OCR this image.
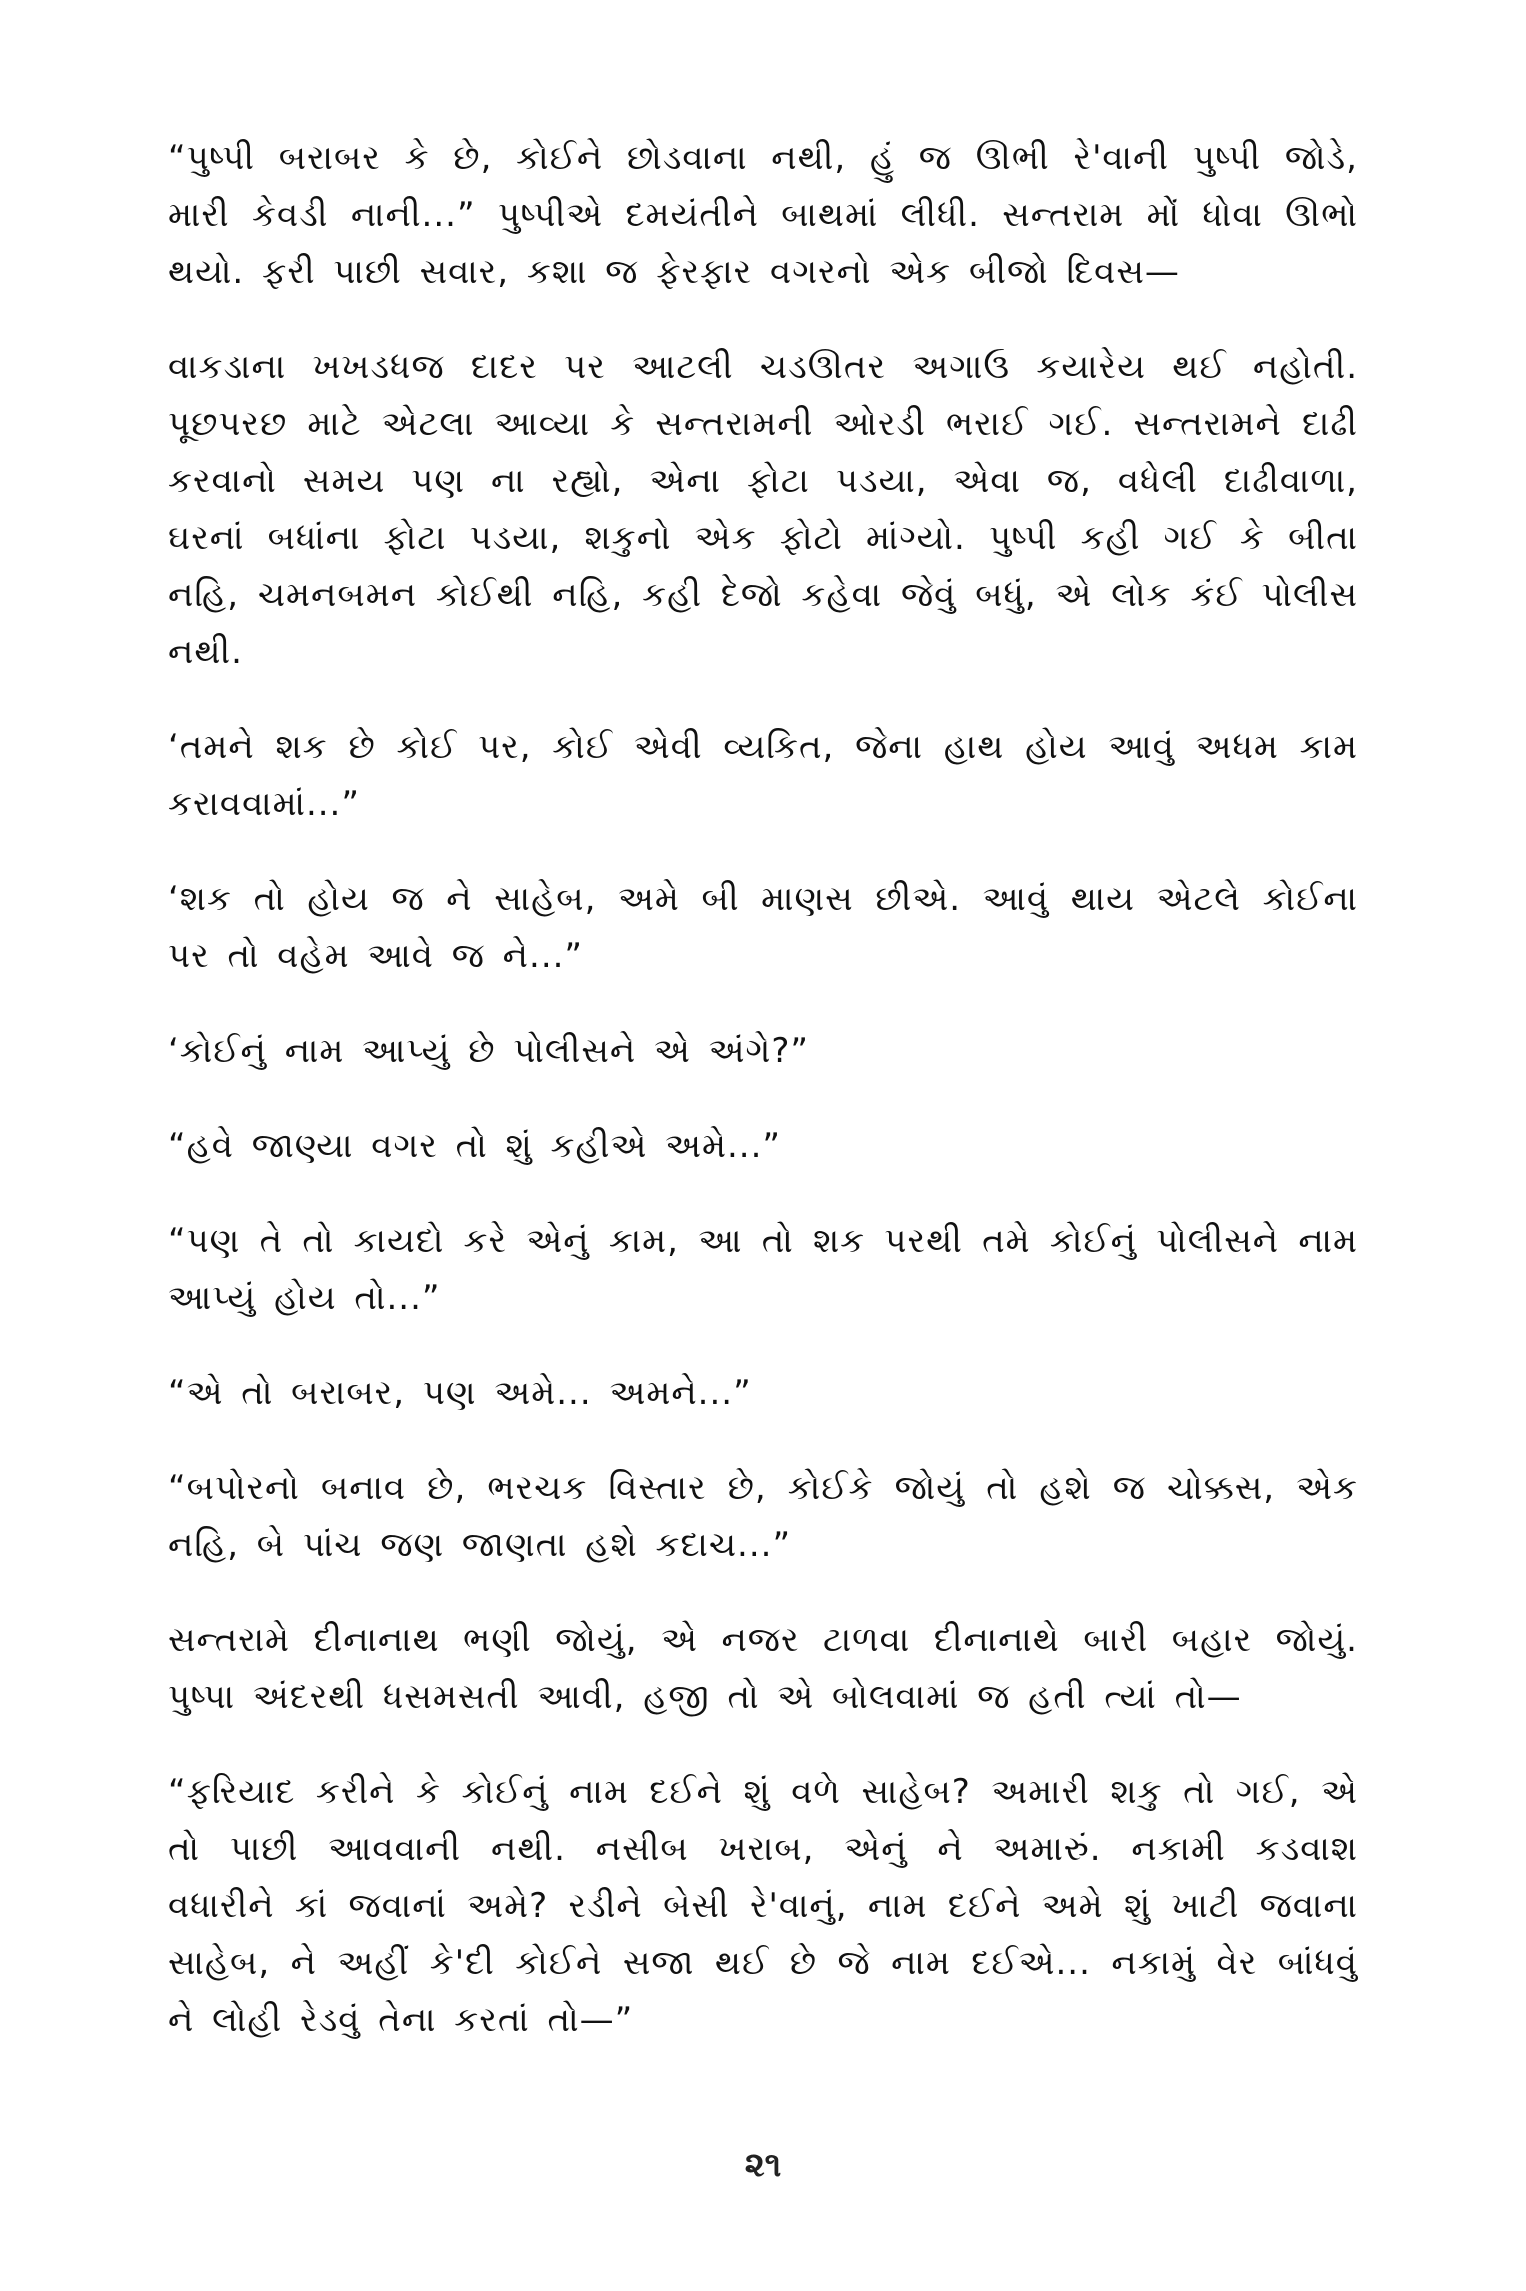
“પુષ્પી બરાબર કે છે, કોઈને છોડવાના નથી, હું જ ઊભી રે'વાની પુષ્પી જોડે, મારી કેવડી નાની...” પુષ્પીએ દમયંતીને બાથમાં લીધી. સન્તરામ મોં ધોવા ઊભો થયો. ફરી પાછી સવાર, કશા જ ફેરફાર વગરનો એક બીજો દિવસ—

વાકડાના ખખડધજ દાદર પર આટલી ચડઊતર અગાઉ કયારેય થઈ નહોતી. પૂછપરછ માટે એટલા આવ્યા કે સન્તરામની ઓરડી ભરાઈ ગઈ. સન્તરામને દાઢી કરવાનો સમય પણ ના રહ્યો, એના ફોટા પડયા, એવા જ, વધેલી દાઢીવાળા, ઘરનાં બધાંના ફોટા પડયા, શકુનો એક ફોટો માંગ્યો. પુષ્પી કહી ગઈ કે બીતા નહિ, ચમનબમન કોઈથી નહિ, કહી દેજો કહેવા જેવું બધું, એ લોક કંઈ પોલીસ નથી.

‘તમને શક છે કોઈ પર, કોઈ એવી વ્યકિત, જેના હાથ હોય આવું અધમ કામ કરાવવામાં...”

‘શક તો હોય જ ને સાહેબ, અમે બી માણસ છીએ. આવું થાય એટલે કોઈના પર તો વહેમ આવે જ ને...”

‘કોઈનું નામ આપ્યું છે પોલીસને એ અંગે?”

“હવે જાણ્યા વગર તો શું કહીએ અમે...”

“પણ તે તો કાયદો કરે એનું કામ, આ તો શક પરથી તમે કોઈનું પોલીસને નામ આપ્યું હોય તો...”

“એ તો બરાબર, પણ અમે... અમને...”

“બપોરનો બનાવ છે, ભરચક વિસ્તાર છે, કોઈકે જોયું તો હશે જ ચોક્કસ, એક નહિ, બે પાંચ જણ જાણતા હશે કદાચ...”

સન્તરામે દીનાનાથ ભણી જોયું, એ નજર ટાળવા દીનાનાથે બારી બહાર જોયું. પુષ્પા અંદરથી ધસમસતી આવી, હજી તો એ બોલવામાં જ હતી ત્યાં તો—

“ફરિયાદ કરીને કે કોઈનું નામ દઈને શું વળે સાહેબ? અમારી શકુ તો ગઈ, એ તો પાછી આવવાની નથી. નસીબ ખરાબ, એનું ને અમારું. નકામી કડવાશ વધારીને કાં જવાનાં અમે? રડીને બેસી રે'વાનું, નામ દઈને અમે શું ખાટી જવાના સાહેબ, ને અહીં કે'દી કોઈને સજા થઈ છે જે નામ દઈએ... નકામું વેર બાંધવું ને લોહી રેડવું તેના કરતાં તો—”

૨૧
